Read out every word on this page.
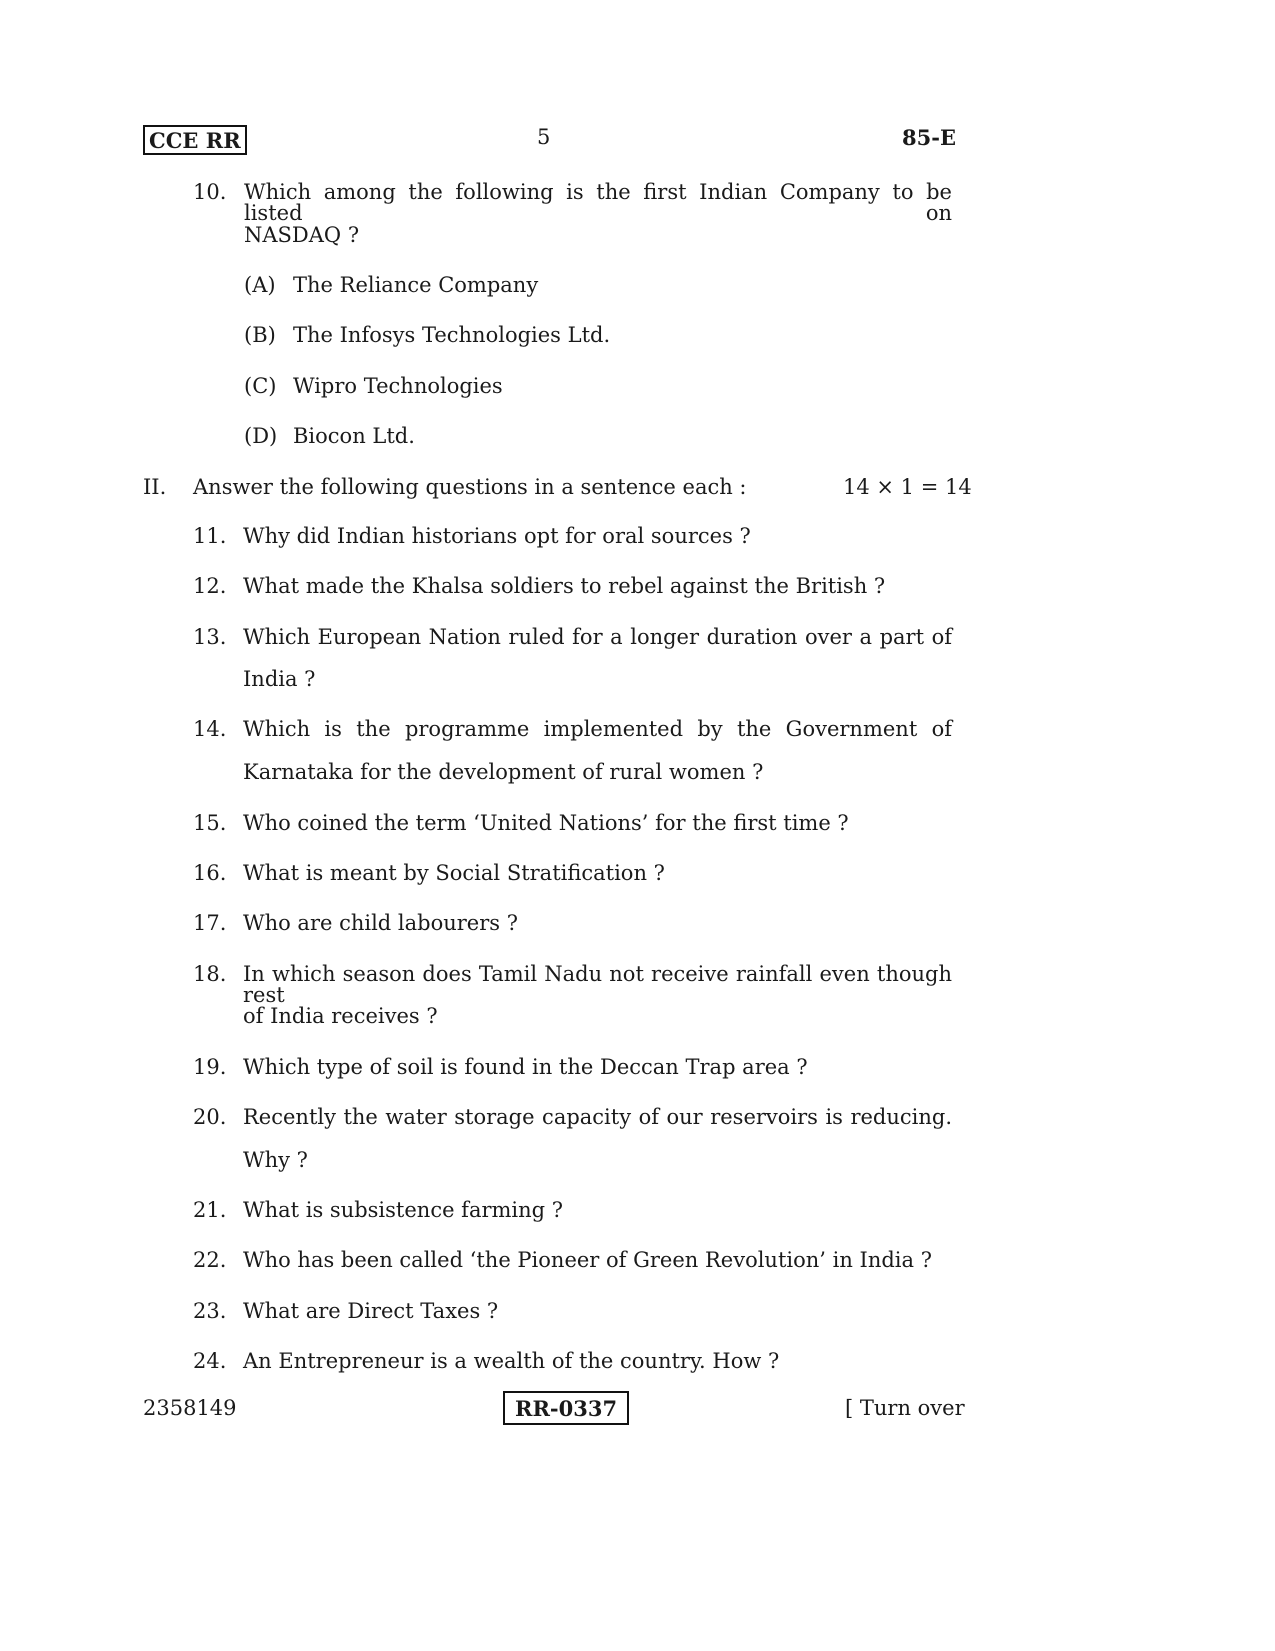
CCE RR	5	85-E
10. Which among the following is the first Indian Company to be listed on
NASDAQ ?
(A) The Reliance Company
(B) The Infosys Technologies Ltd.
(C) Wipro Technologies
(D) Biocon Ltd.
II. Answer the following questions in a sentence each :	14 × 1 = 14
11. Why did Indian historians opt for oral sources ?
12. What made the Khalsa soldiers to rebel against the British ?
13. Which European Nation ruled for a longer duration over a part of
India ?
14. Which is the programme implemented by the Government of
Karnataka for the development of rural women ?
15. Who coined the term ‘United Nations’ for the first time ?
16. What is meant by Social Stratification ?
17. Who are child labourers ?
18. In which season does Tamil Nadu not receive rainfall even though rest
of India receives ?
19. Which type of soil is found in the Deccan Trap area ?
20. Recently the water storage capacity of our reservoirs is reducing.
Why ?
21. What is subsistence farming ?
22. Who has been called ‘the Pioneer of Green Revolution’ in India ?
23. What are Direct Taxes ?
24. An Entrepreneur is a wealth of the country. How ?
2358149	RR-0337	[ Turn over
